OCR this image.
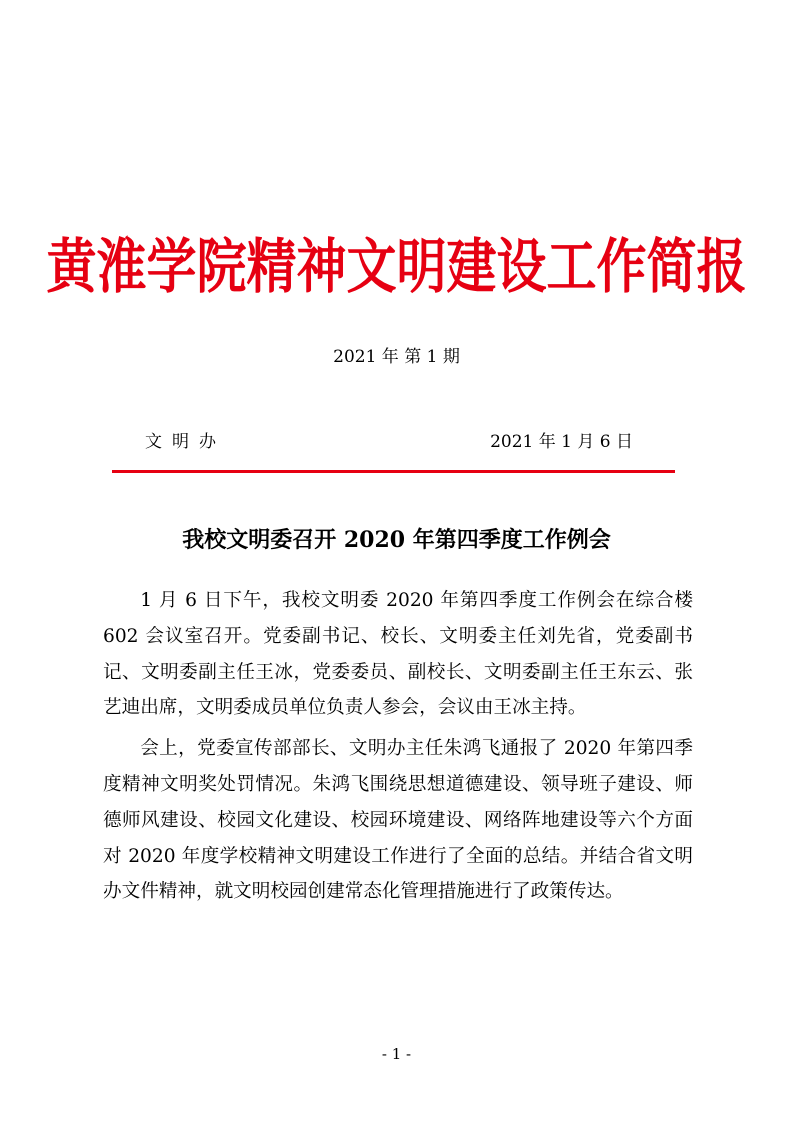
黄淮学院精神文明建设工作简报
2021 年 第 1 期
文明办	2021 年 1 月 6 日
我校文明委召开 2020 年第四季度工作例会

1 月 6 日下午，我校文明委 2020 年第四季度工作例会在综合楼 602 会议室召开。党委副书记、校长、文明委主任刘先省，党委副书记、文明委副主任王冰，党委委员、副校长、文明委副主任王东云、张艺迪出席，文明委成员单位负责人参会，会议由王冰主持。

会上，党委宣传部部长、文明办主任朱鸿飞通报了 2020 年第四季度精神文明奖处罚情况。朱鸿飞围绕思想道德建设、领导班子建设、师德师风建设、校园文化建设、校园环境建设、网络阵地建设等六个方面对 2020 年度学校精神文明建设工作进行了全面的总结。并结合省文明办文件精神，就文明校园创建常态化管理措施进行了政策传达。

- 1 -
